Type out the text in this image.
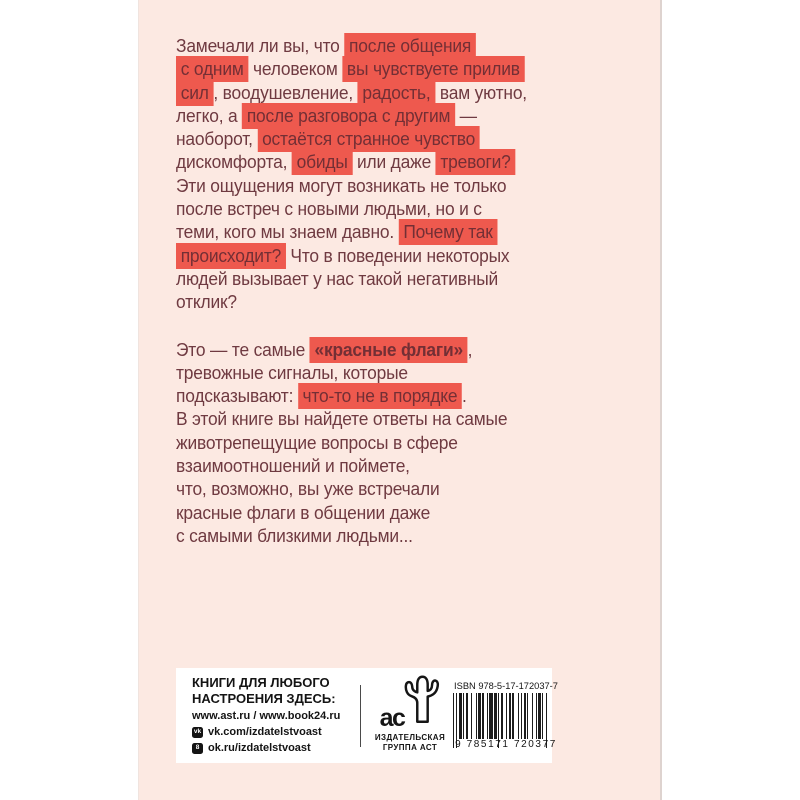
Замечали ли вы, что после общения
с одним человеком вы чувствуете прилив
сил , воодушевление, радость, вам уютно,
легко, а после разговора с другим —
наоборот, остаётся странное чувство
дискомфорта, обиды или даже тревоги?
Эти ощущения могут возникать не только
после встреч с новыми людьми, но и с
теми, кого мы знаем давно. Почему так
происходит? Что в поведении некоторых
людей вызывает у нас такой негативный
отклик?
Это — те самые «красные флаги» ,
тревожные сигналы, которые
подсказывают: что-то не в порядке .
В этой книге вы найдете ответы на самые
животрепещущие вопросы в сфере
взаимоотношений и поймете,
что, возможно, вы уже встречали
красные флаги в общении даже
с самыми близкими людьми...
КНИГИ ДЛЯ ЛЮБОГО
НАСТРОЕНИЯ ЗДЕСЬ:
www.ast.ru / www.book24.ru
vk vk.com/izdatelstvoast
8 ok.ru/izdatelstvoast
ас
ИЗДАТЕЛЬСКАЯ
ГРУППА АСТ
ISBN 978-5-17-172037-7
9 785171 720377
